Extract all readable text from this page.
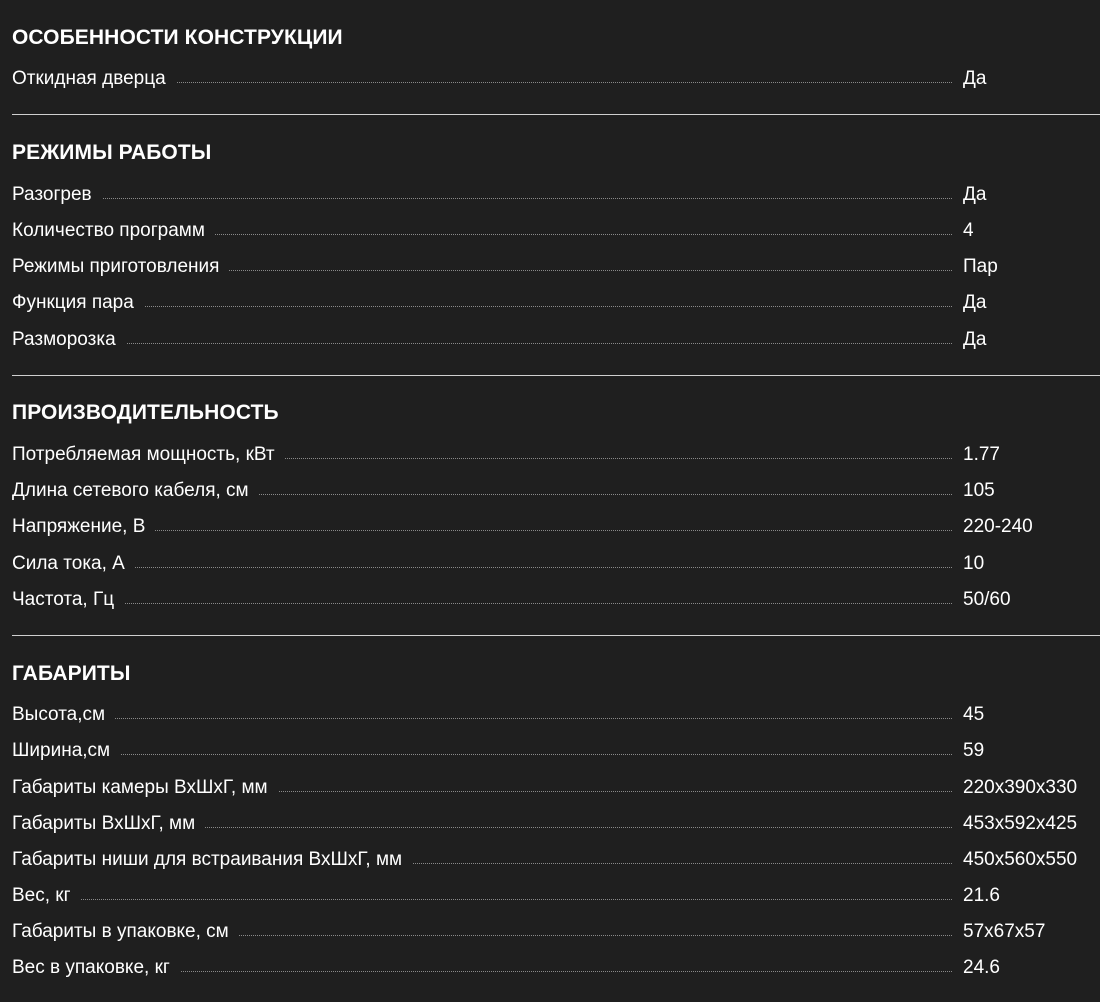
ОСОБЕННОСТИ КОНСТРУКЦИИ
Откидная дверца	Да
РЕЖИМЫ РАБОТЫ
Разогрев	Да
Количество программ	4
Режимы приготовления	Пар
Функция пара	Да
Разморозка	Да
ПРОИЗВОДИТЕЛЬНОСТЬ
Потребляемая мощность, кВт	1.77
Длина сетевого кабеля, см	105
Напряжение, В	220-240
Сила тока, А	10
Частота, Гц	50/60
ГАБАРИТЫ
Высота,см	45
Ширина,см	59
Габариты камеры ВхШхГ, мм	220x390x330
Габариты ВхШхГ, мм	453x592x425
Габариты ниши для встраивания ВхШхГ, мм	450x560x550
Вес, кг	21.6
Габариты в упаковке, см	57x67x57
Вес в упаковке, кг	24.6
